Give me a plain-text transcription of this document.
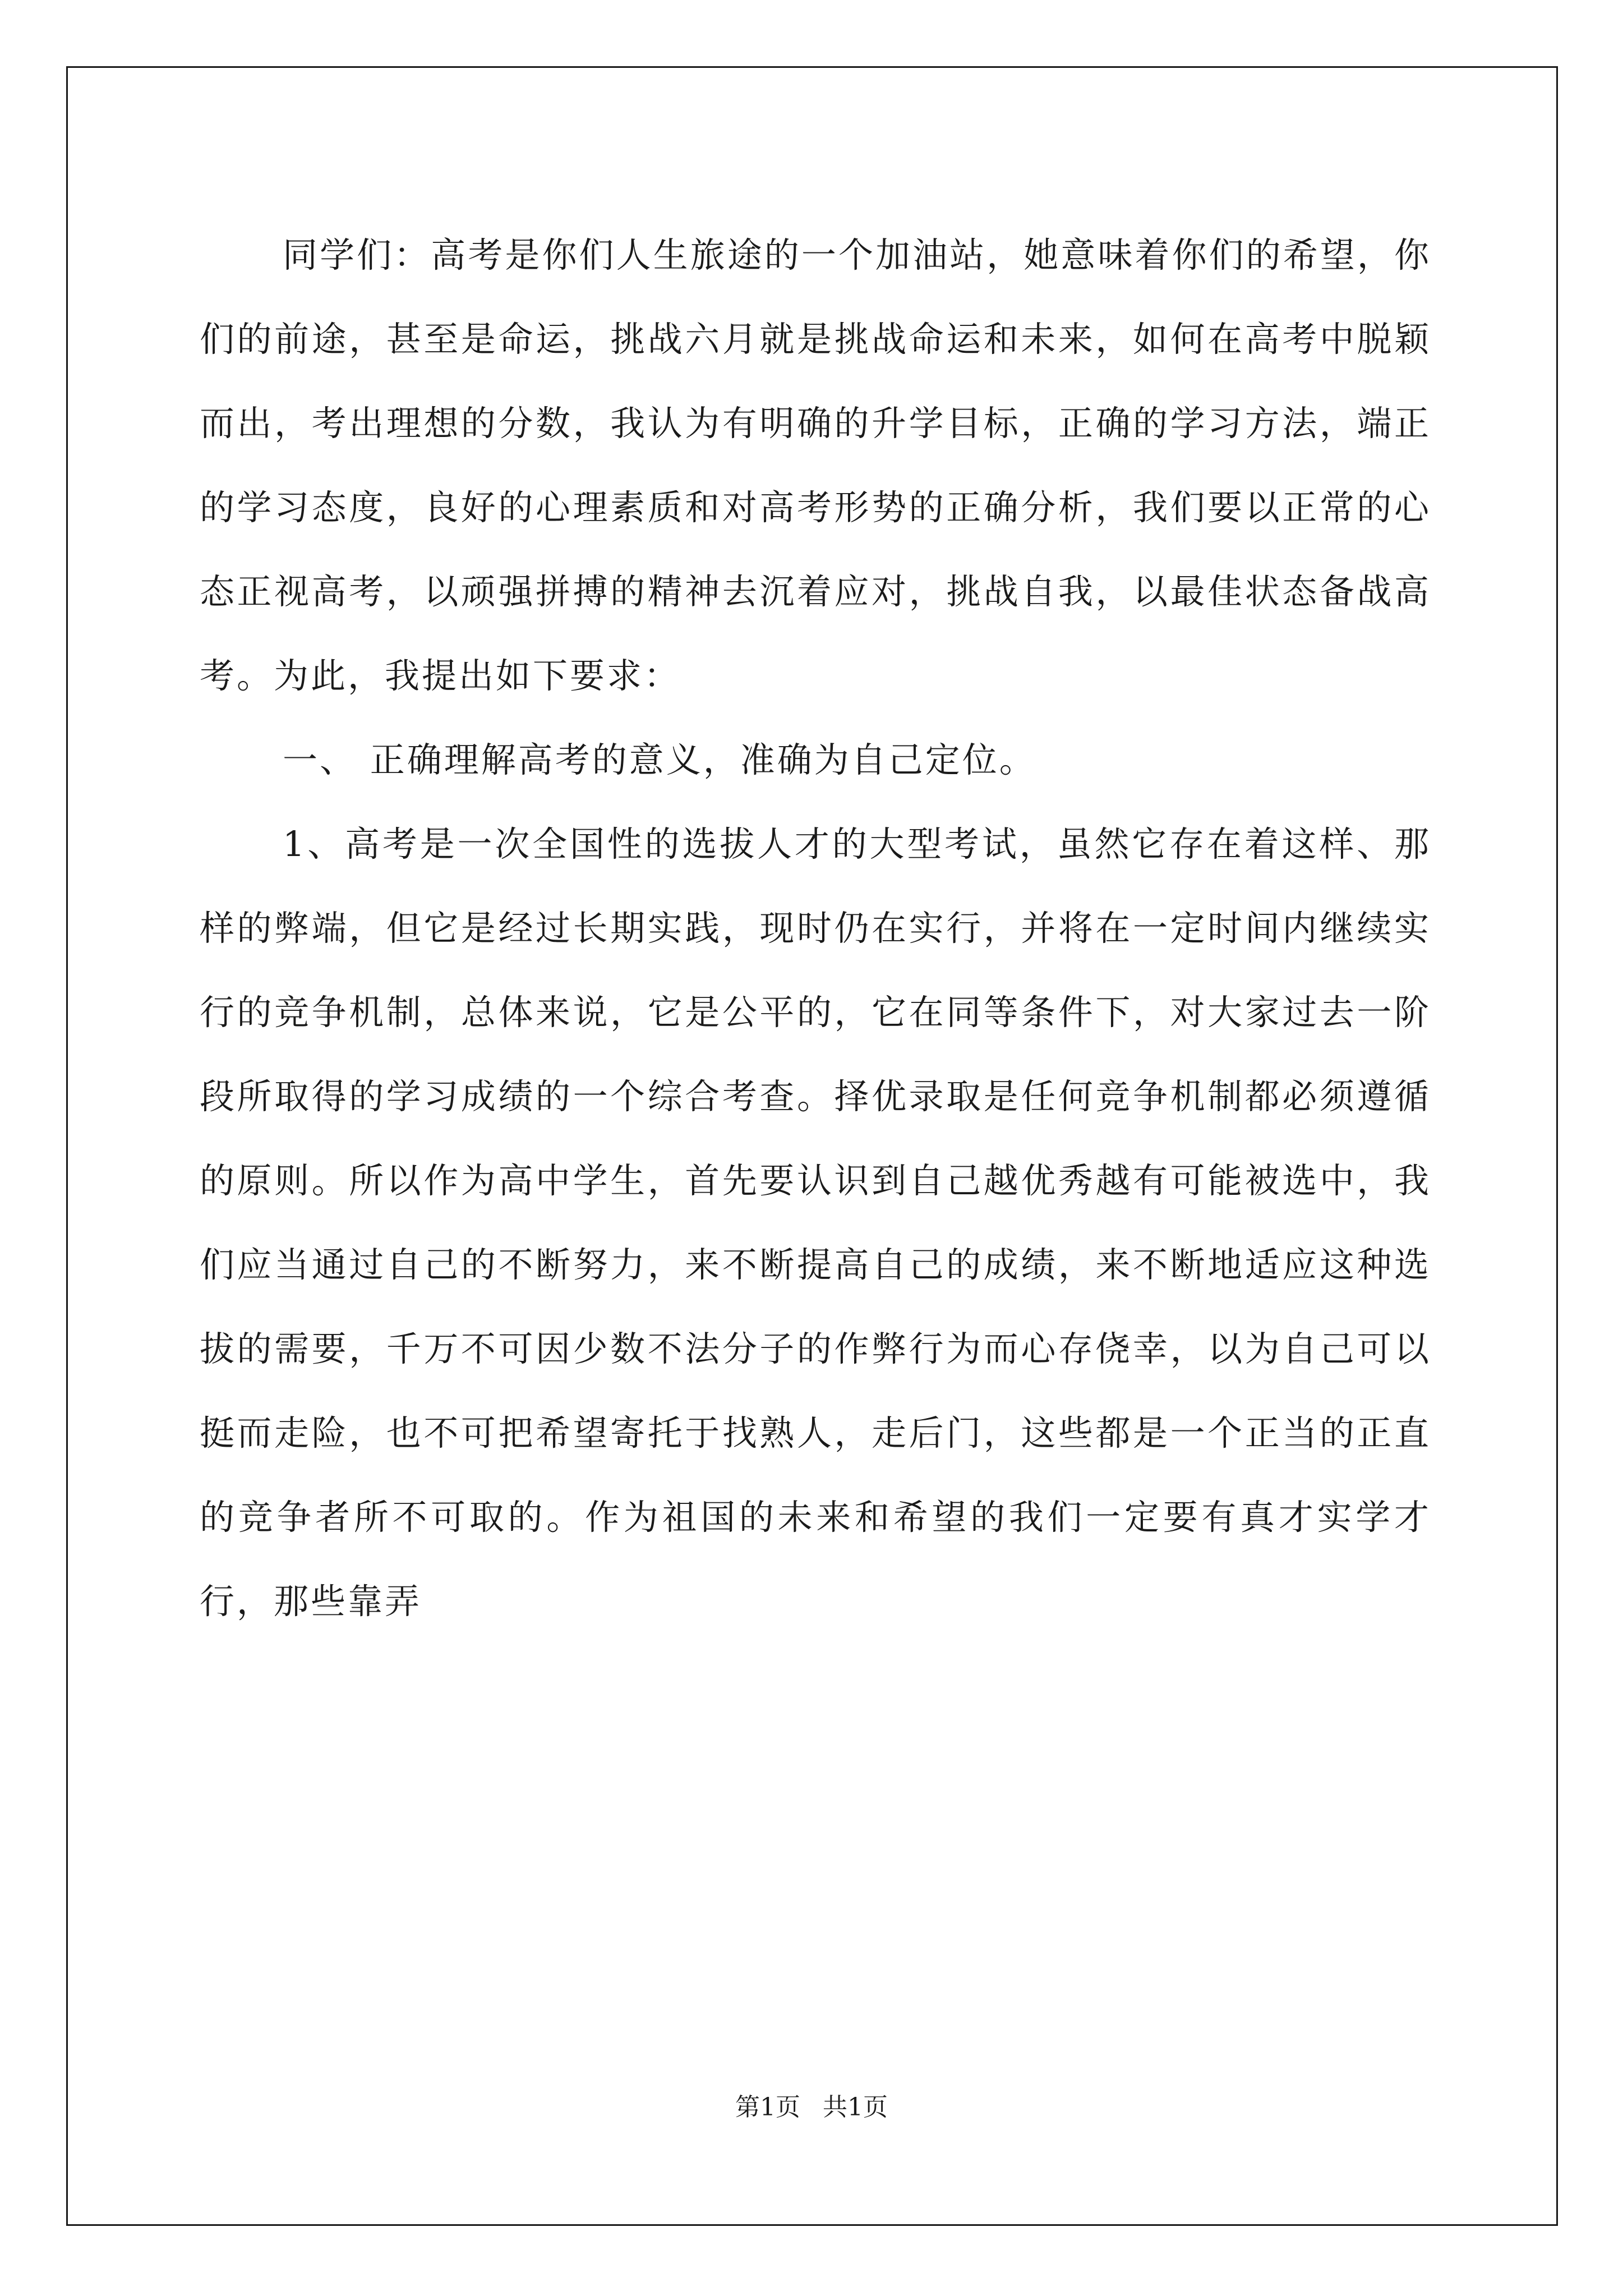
同学们：高考是你们人生旅途的一个加油站，她意味着你们的希望，你们的前途，甚至是命运，挑战六月就是挑战命运和未来，如何在高考中脱颖而出，考出理想的分数，我认为有明确的升学目标，正确的学习方法，端正的学习态度，良好的心理素质和对高考形势的正确分析，我们要以正常的心态正视高考，以顽强拼搏的精神去沉着应对，挑战自我，以最佳状态备战高考。为此，我提出如下要求：

一、 正确理解高考的意义，准确为自己定位。

1、高考是一次全国性的选拔人才的大型考试，虽然它存在着这样、那样的弊端，但它是经过长期实践，现时仍在实行，并将在一定时间内继续实行的竞争机制，总体来说，它是公平的，它在同等条件下，对大家过去一阶段所取得的学习成绩的一个综合考查。择优录取是任何竞争机制都必须遵循的原则。所以作为高中学生，首先要认识到自己越优秀越有可能被选中，我们应当通过自己的不断努力，来不断提高自己的成绩，来不断地适应这种选拔的需要，千万不可因少数不法分子的作弊行为而心存侥幸，以为自己可以挺而走险，也不可把希望寄托于找熟人，走后门，这些都是一个正当的正直的竞争者所不可取的。作为祖国的未来和希望的我们一定要有真才实学才行，那些靠弄

第1页 共1页
